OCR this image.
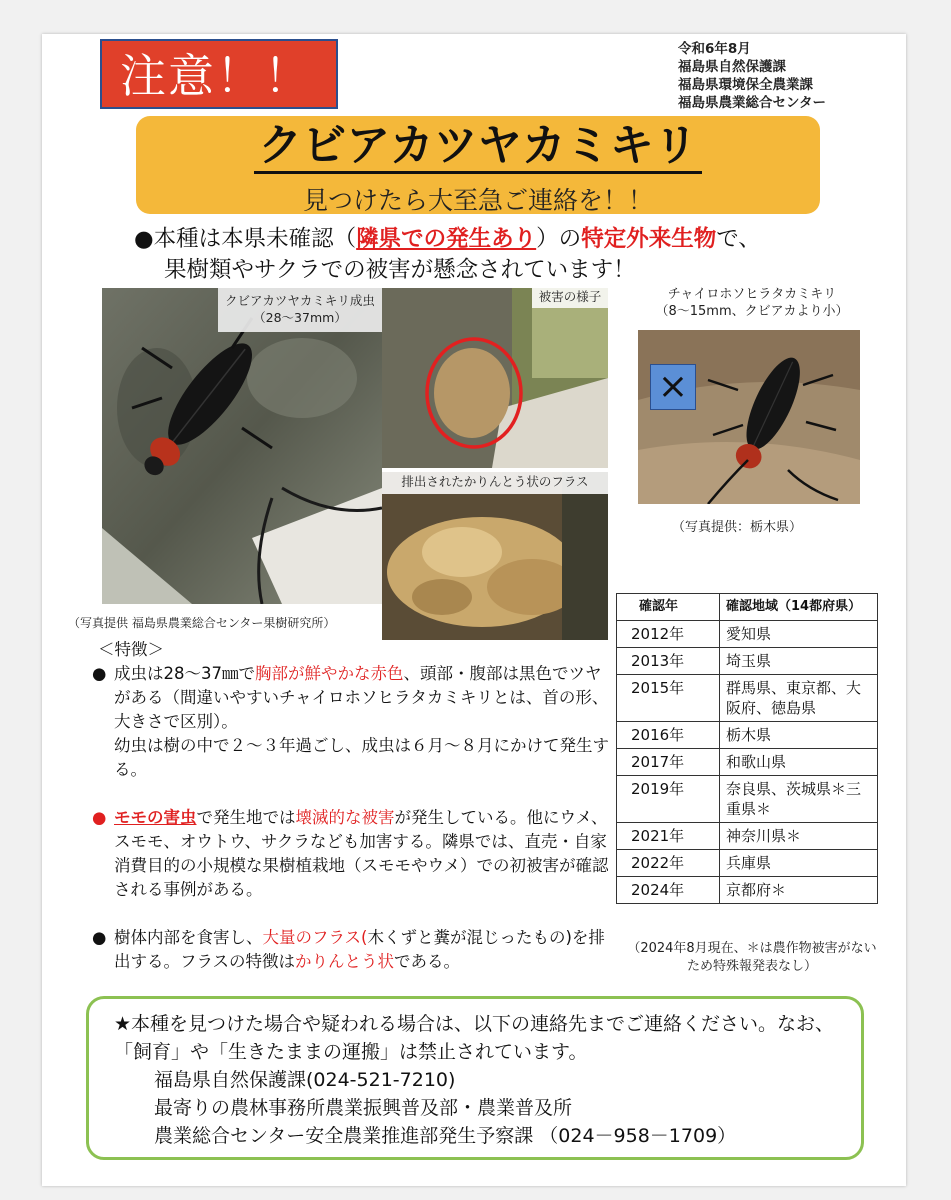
注意！！	令和6年8月
福島県自然保護課
福島県環境保全農業課
福島県農業総合センター
クビアカツヤカミキリ
見つけたら大至急ご連絡を！！
●本種は本県未確認（隣県での発生あり）の特定外来生物で、
果樹類やサクラでの被害が懸念されています！
クビアカツヤカミキリ成虫
（28～37mm）
被害の様子
排出されたかりんとう状のフラス
（写真提供 福島県農業総合センター果樹研究所）
チャイロホソヒラタカミキリ
（8～15mm、クビアカより小）
×
（写真提供：栃木県）
＜特徴＞
● 成虫は28～37㎜で胸部が鮮やかな赤色、頭部・腹部は黒色でツヤがある（間違いやすいチャイロホソヒラタカミキリとは、首の形、大きさで区別）。
幼虫は樹の中で２～３年過ごし、成虫は６月～８月にかけて発生する。
● モモの害虫で発生地では壊滅的な被害が発生している。他にウメ、スモモ、オウトウ、サクラなども加害する。隣県では、直売・自家消費目的の小規模な果樹植栽地（スモモやウメ）での初被害が確認される事例がある。
● 樹体内部を食害し、大量のフラス(木くずと糞が混じったもの)を排出する。フラスの特徴はかりんとう状である。
確認年	確認地域（14都府県）
2012年	愛知県
2013年	埼玉県
2015年	群馬県、東京都、大阪府、徳島県
2016年	栃木県
2017年	和歌山県
2019年	奈良県、茨城県＊三重県＊
2021年	神奈川県＊
2022年	兵庫県
2024年	京都府＊
（2024年8月現在、＊は農作物被害がないため特殊報発表なし）
★本種を見つけた場合や疑われる場合は、以下の連絡先までご連絡ください。なお、「飼育」や「生きたままの運搬」は禁止されています。
福島県自然保護課(024-521-7210)
最寄りの農林事務所農業振興普及部・農業普及所
農業総合センター安全農業推進部発生予察課 （024－958－1709）
